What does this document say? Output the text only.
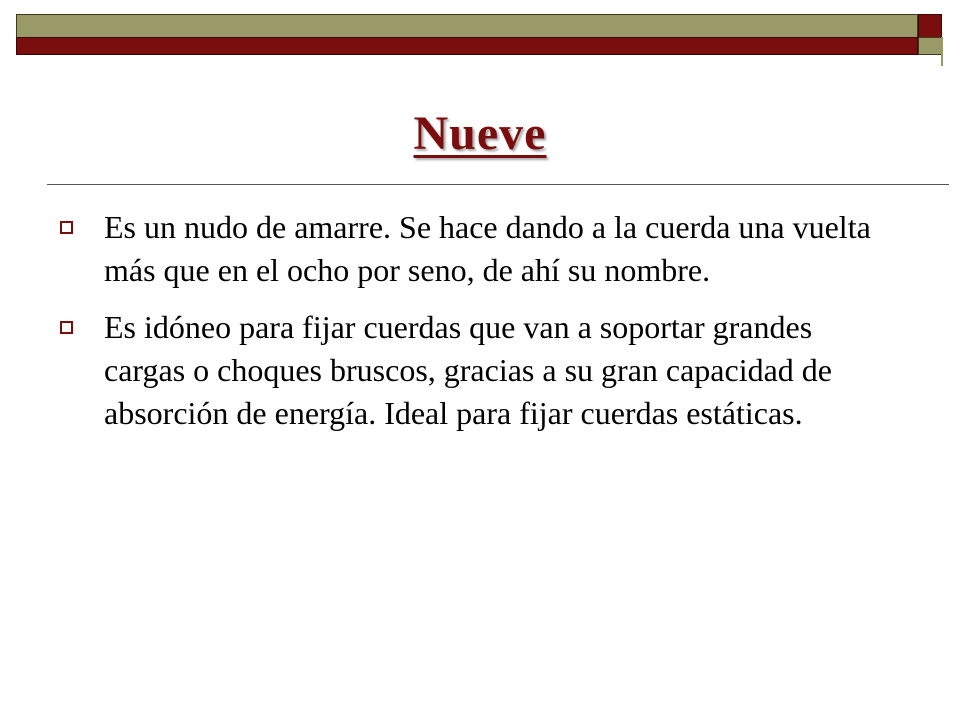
Nueve
Es un nudo de amarre. Se hace dando a la cuerda una vuelta más que en el ocho por seno, de ahí su nombre.
Es idóneo para fijar cuerdas que van a soportar grandes cargas o choques bruscos, gracias a su gran capacidad de absorción de energía. Ideal para fijar cuerdas estáticas.
